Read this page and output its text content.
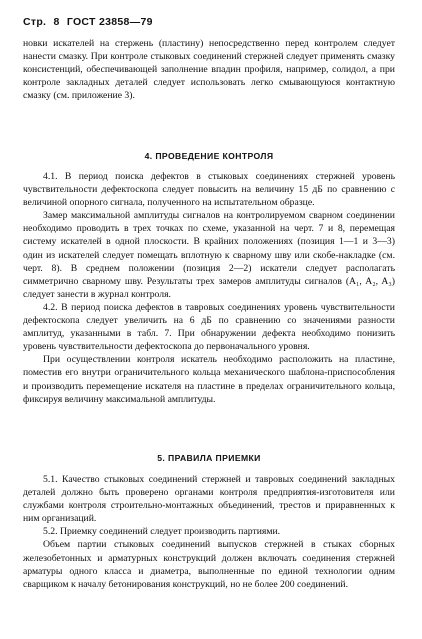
Стр. 8 ГОСТ 23858—79

новки искателей на стержень (пластину) непосредственно перед контролем следует нанести смазку. При контроле стыковых соединений стержней следует применять смазку консистенций, обеспечивающей заполнение впадин профиля, например, солидол, а при контроле закладных деталей следует использовать легко смывающуюся контактную смазку (см. приложение 3).

4. ПРОВЕДЕНИЕ КОНТРОЛЯ

4.1. В период поиска дефектов в стыковых соединениях стержней уровень чувствительности дефектоскопа следует повысить на величину 15 дБ по сравнению с величиной опорного сигнала, полученного на испытательном образце.

Замер максимальной амплитуды сигналов на контролируемом сварном соединении необходимо проводить в трех точках по схеме, указанной на черт. 7 и 8, перемещая систему искателей в одной плоскости. В крайних положениях (позиция 1—1 и 3—3) один из искателей следует помещать вплотную к сварному шву или скобе-накладке (см. черт. 8). В среднем положении (позиция 2—2) искатели следует располагать симметрично сварному шву. Результаты трех замеров амплитуды сигналов (A₁, A₂, A₃) следует занести в журнал контроля.

4.2. В период поиска дефектов в тавровых соединениях уровень чувствительности дефектоскопа следует увеличить на 6 дБ по сравнению со значениями разности амплитуд, указанными в табл. 7. При обнаружении дефекта необходимо понизить уровень чувствительности дефектоскопа до первоначального уровня.

При осуществлении контроля искатель необходимо расположить на пластине, поместив его внутри ограничительного кольца механического шаблона-приспособления и производить перемещение искателя на пластине в пределах ограничительного кольца, фиксируя величину максимальной амплитуды.

5. ПРАВИЛА ПРИЕМКИ

5.1. Качество стыковых соединений стержней и тавровых соединений закладных деталей должно быть проверено органами контроля предприятия-изготовителя или службами контроля строительно-монтажных объединений, трестов и приравненных к ним организаций.

5.2. Приемку соединений следует производить партиями.

Объем партии стыковых соединений выпусков стержней в стыках сборных железобетонных и арматурных конструкций должен включать соединения стержней арматуры одного класса и диаметра, выполненные по единой технологии одним сварщиком к началу бетонирования конструкций, но не более 200 соединений.
